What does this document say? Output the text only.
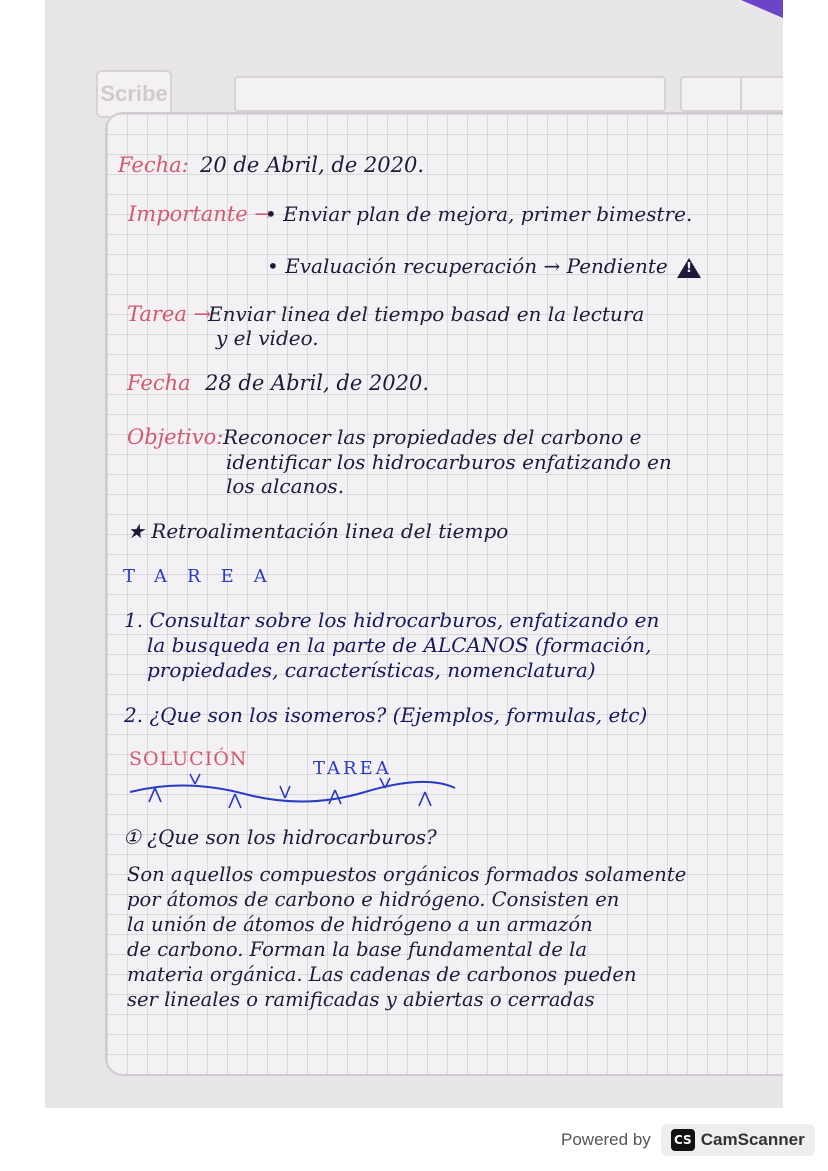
Scribe
Fecha: 20 de Abril, de 2020.
Importante →
• Enviar plan de mejora, primer bimestre.
• Evaluación recuperación → Pendiente
!
Tarea →
Enviar linea del tiempo basad en la lectura
y el video.
Fecha 28 de Abril, de 2020.
Objetivo: Reconocer las propiedades del carbono e
identificar los hidrocarburos enfatizando en
los alcanos.
★ Retroalimentación linea del tiempo
TAREA
1. Consultar sobre los hidrocarburos, enfatizando en
la busqueda en la parte de ALCANOS (formación,
propiedades, características, nomenclatura)
2. ¿Que son los isomeros? (Ejemplos, formulas, etc)
SOLUCIÓN	TAREA
① ¿Que son los hidrocarburos?
Son aquellos compuestos orgánicos formados solamente
por átomos de carbono e hidrógeno. Consisten en
la unión de átomos de hidrógeno a un armazón
de carbono. Forman la base fundamental de la
materia orgánica. Las cadenas de carbonos pueden
ser lineales o ramificadas y abiertas o cerradas
Powered by CS CamScanner
